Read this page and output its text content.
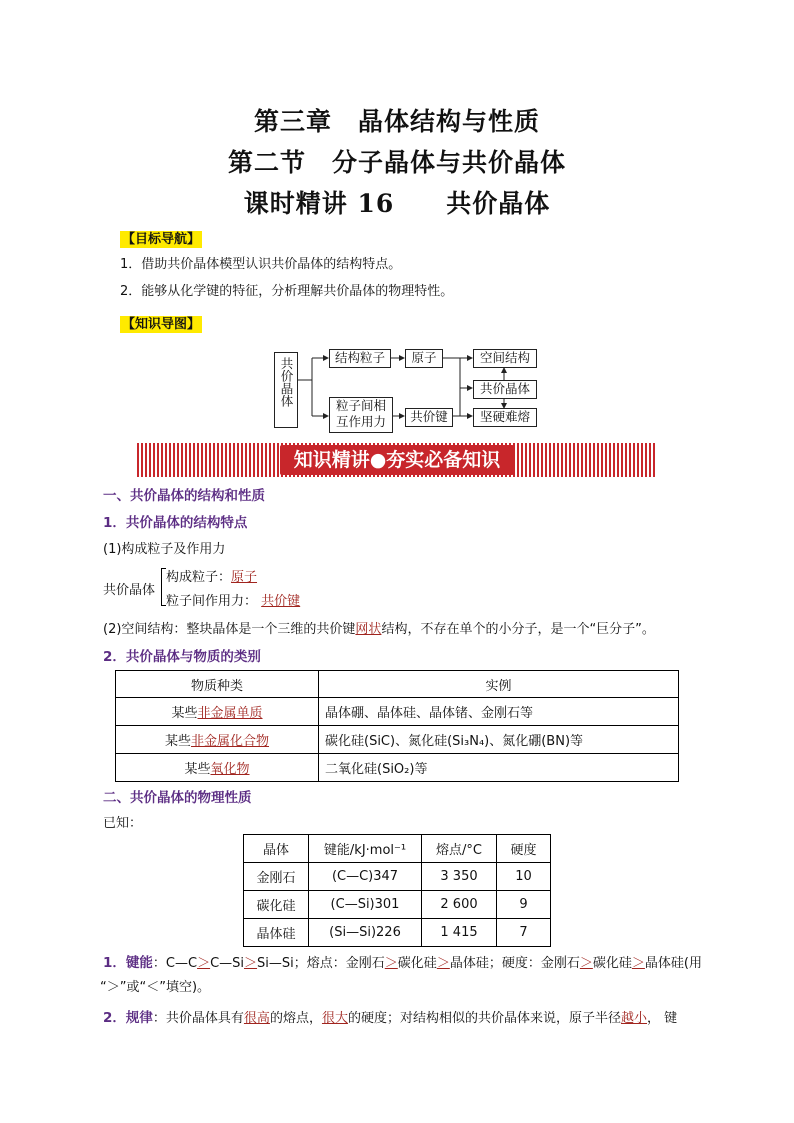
第三章　晶体结构与性质
第二节　分子晶体与共价晶体
课时精讲 16　　共价晶体
【目标导航】
1．借助共价晶体模型认识共价晶体的结构特点。
2．能够从化学键的特征，分析理解共价晶体的物理特性。
【知识导图】
共价晶体	结构粒子	原子	空间结构
共价晶体
粒子间相互作用力	共价键	坚硬难熔
知识精讲●夯实必备知识
一、共价晶体的结构和性质
1．共价晶体的结构特点
(1)构成粒子及作用力
共价晶体
构成粒子：原子
粒子间作用力： 共价键
(2)空间结构：整块晶体是一个三维的共价键网状结构，不存在单个的小分子，是一个“巨分子”。
2．共价晶体与物质的类别
物质种类	实例
某些非金属单质	晶体硼、晶体硅、晶体锗、金刚石等
某些非金属化合物	碳化硅(SiC)、氮化硅(Si₃N₄)、氮化硼(BN)等
某些氧化物	二氧化硅(SiO₂)等
二、共价晶体的物理性质
已知：
晶体	键能/kJ·mol⁻¹	熔点/°C	硬度
金刚石	(C—C)347	3 350	10
碳化硅	(C—Si)301	2 600	9
晶体硅	(Si—Si)226	1 415	7
1．键能：C—C＞C—Si＞Si—Si；熔点：金刚石＞碳化硅＞晶体硅；硬度：金刚石＞碳化硅＞晶体硅(用
“＞”或“＜”填空)。
2．规律：共价晶体具有很高的熔点，很大的硬度；对结构相似的共价晶体来说，原子半径越小， 键
